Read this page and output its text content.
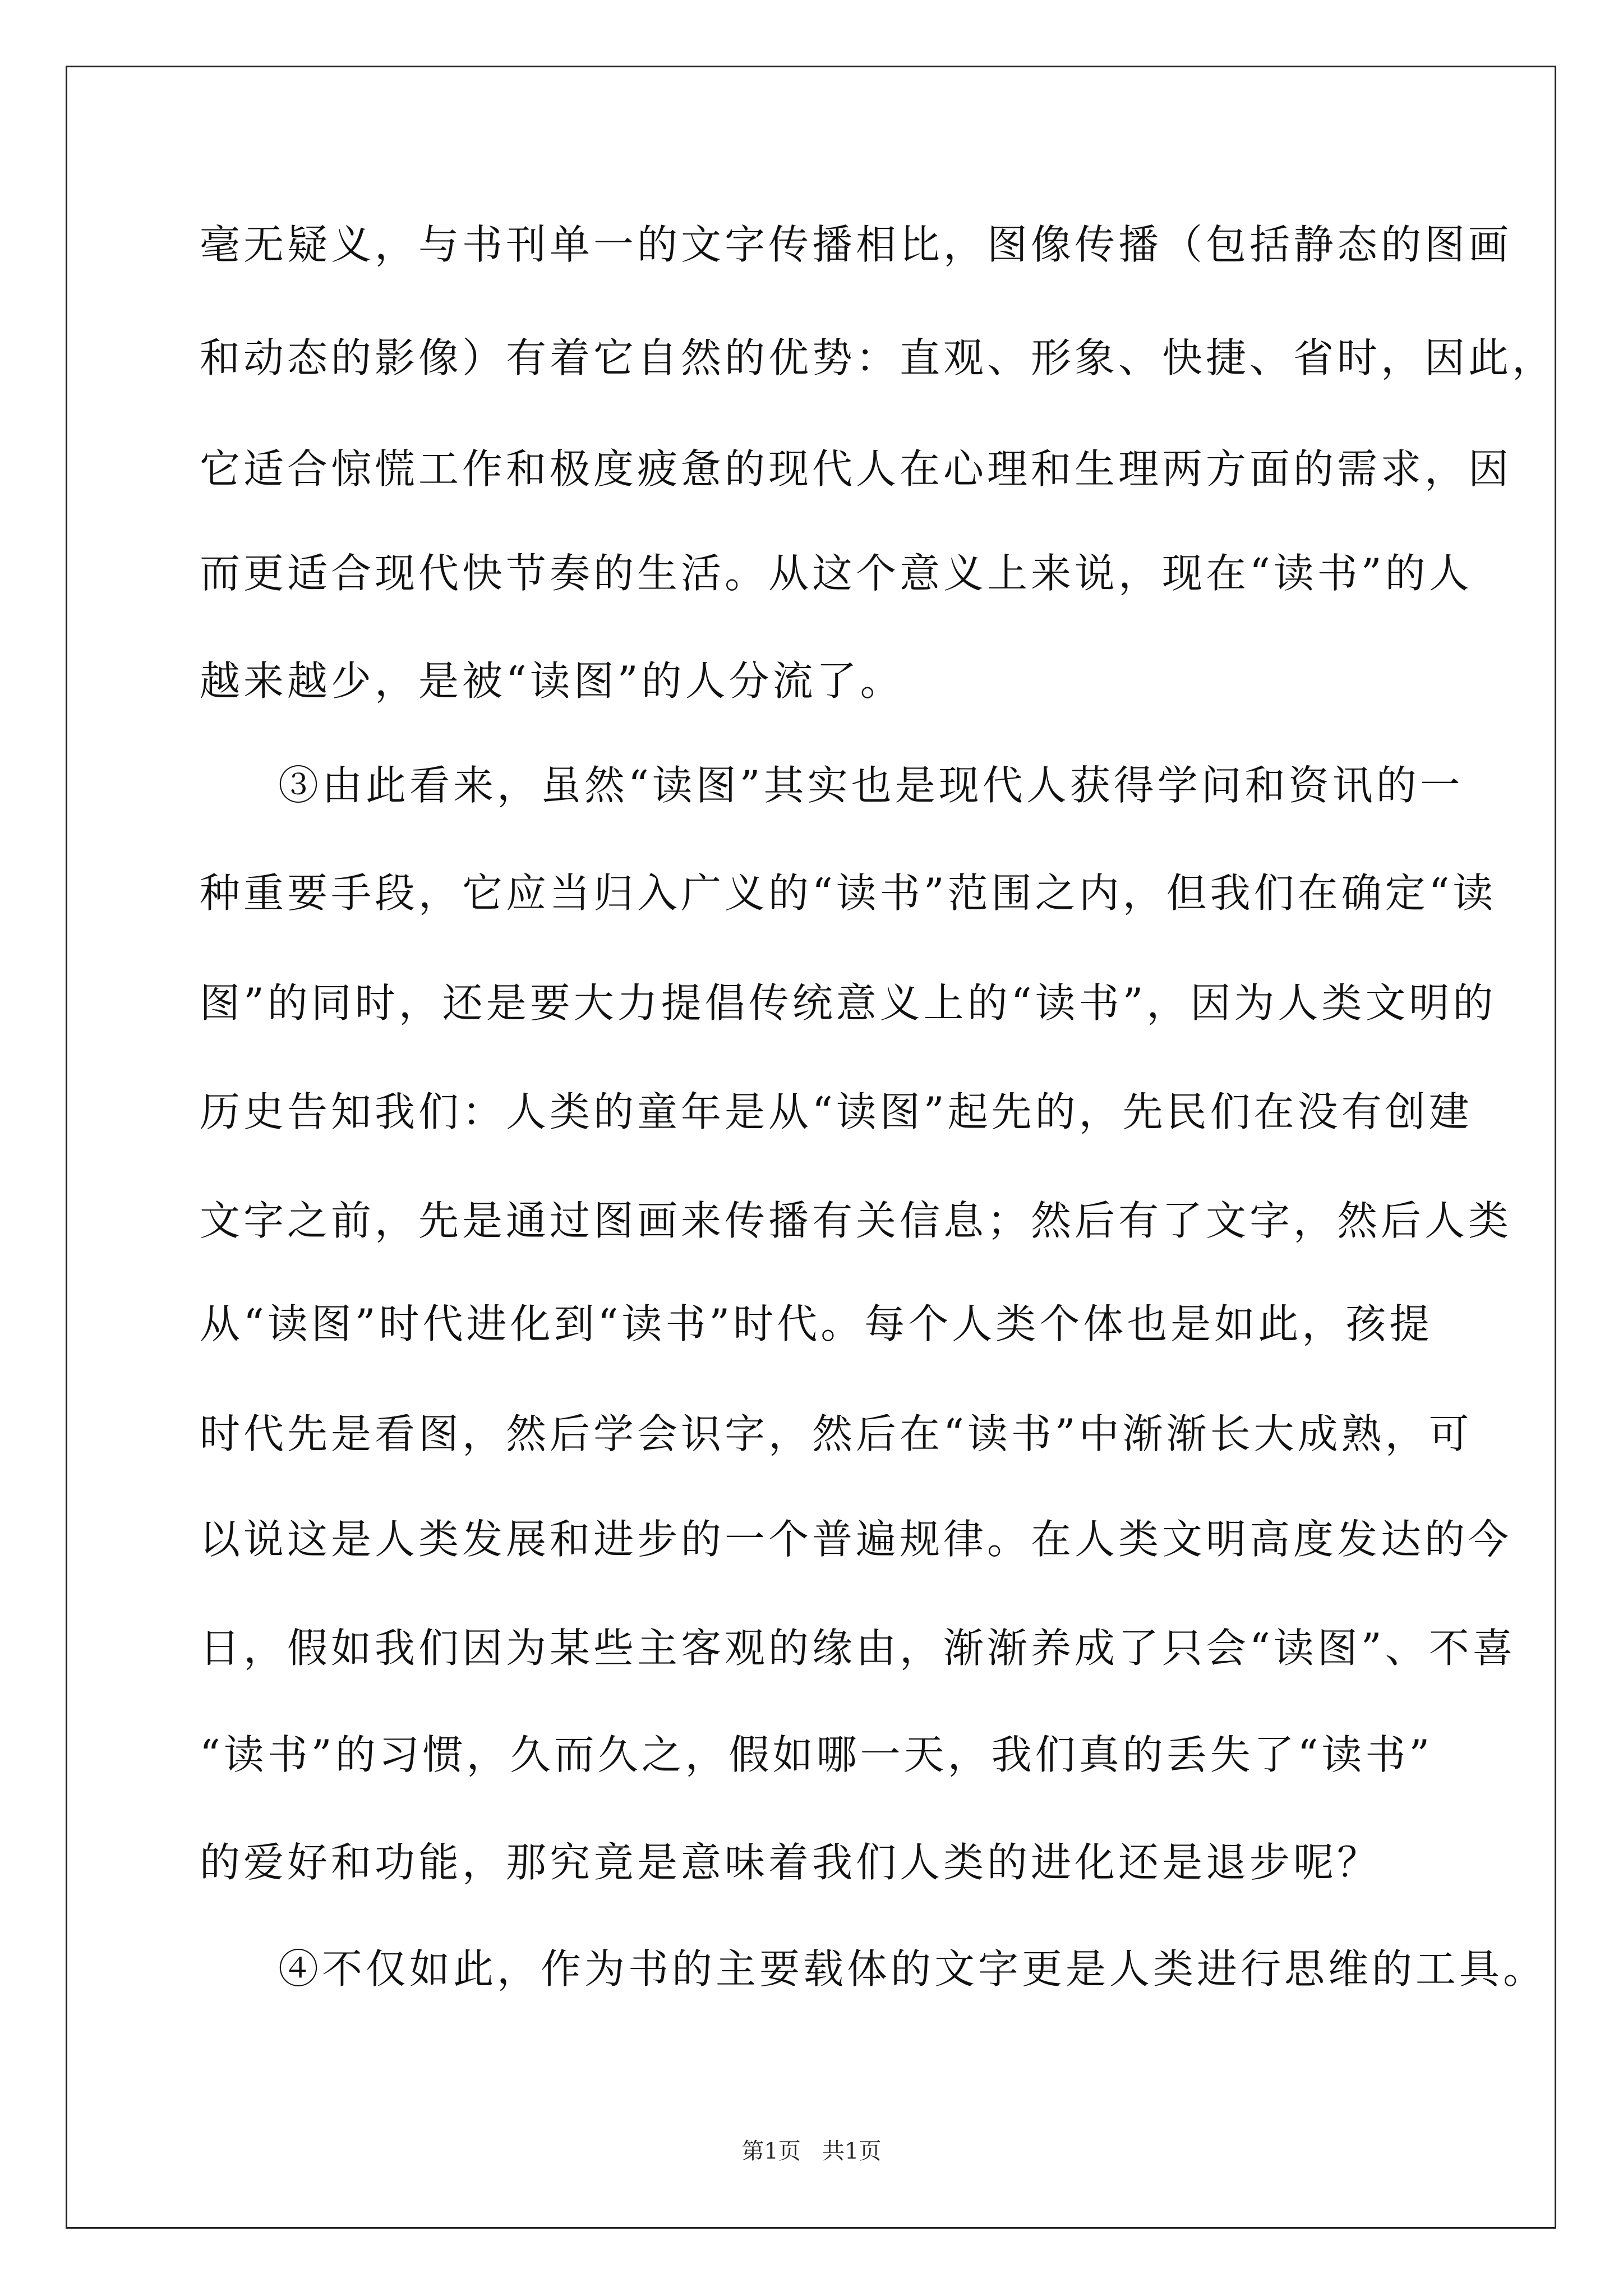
毫无疑义，与书刊单一的文字传播相比，图像传播（包括静态的图画
和动态的影像）有着它自然的优势：直观、形象、快捷、省时，因此，
它适合惊慌工作和极度疲惫的现代人在心理和生理两方面的需求，因
而更适合现代快节奏的生活。从这个意义上来说，现在“读书”的人
越来越少，是被“读图”的人分流了。
③由此看来，虽然“读图”其实也是现代人获得学问和资讯的一
种重要手段，它应当归入广义的“读书”范围之内，但我们在确定“读
图”的同时，还是要大力提倡传统意义上的“读书”，因为人类文明的
历史告知我们：人类的童年是从“读图”起先的，先民们在没有创建
文字之前，先是通过图画来传播有关信息；然后有了文字，然后人类
从“读图”时代进化到“读书”时代。每个人类个体也是如此，孩提
时代先是看图，然后学会识字，然后在“读书”中渐渐长大成熟，可
以说这是人类发展和进步的一个普遍规律。在人类文明高度发达的今
日，假如我们因为某些主客观的缘由，渐渐养成了只会“读图”、不喜
“读书”的习惯，久而久之，假如哪一天，我们真的丢失了“读书”
的爱好和功能，那究竟是意味着我们人类的进化还是退步呢？
④不仅如此，作为书的主要载体的文字更是人类进行思维的工具。
第1页   共1页
